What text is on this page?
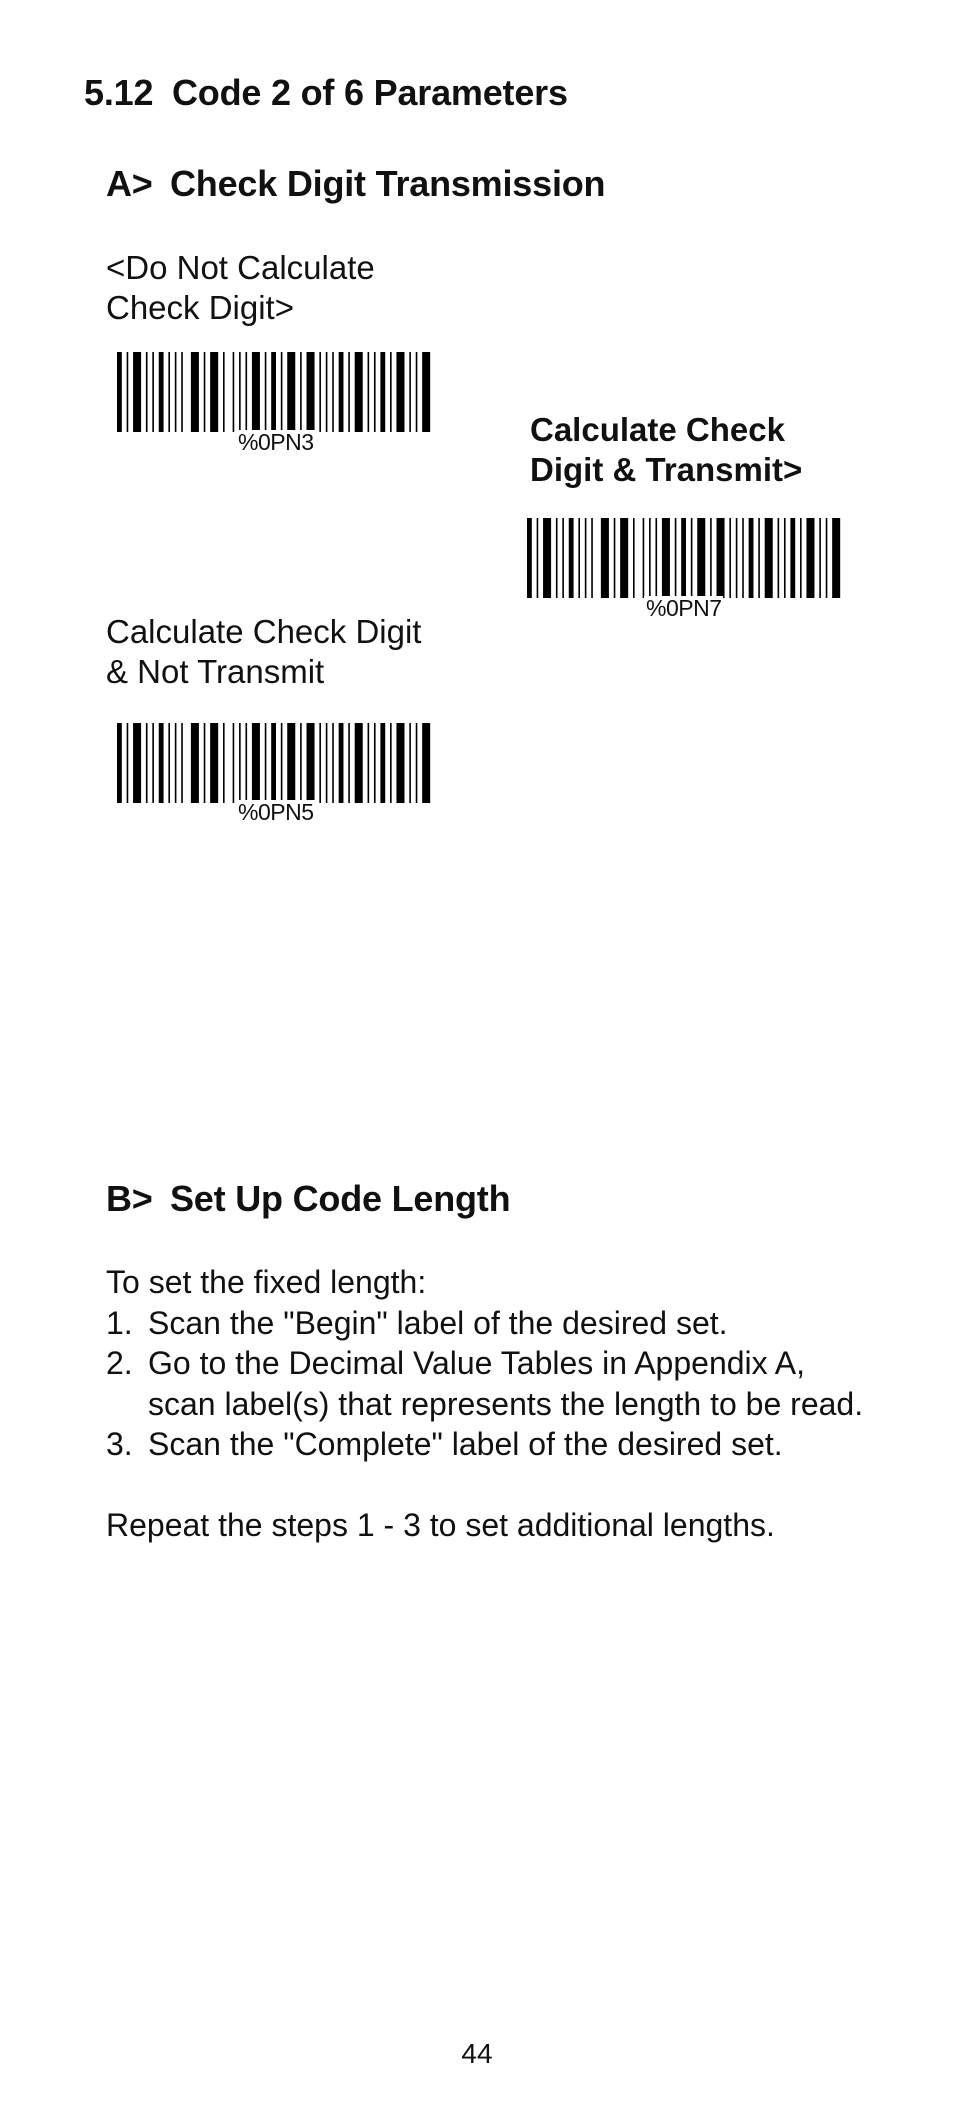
5.12 Code 2 of 6 Parameters
A> Check Digit Transmission
<Do Not Calculate
Check Digit>
%0PN3	Calculate Check
Digit & Transmit>
%0PN7
Calculate Check Digit
& Not Transmit
%0PN5
B> Set Up Code Length

To set the fixed length:

1. Scan the "Begin" label of the desired set.
2. Go to the Decimal Value Tables in Appendix A, scan label(s) that represents the length to be read.
3. Scan the "Complete" label of the desired set.

Repeat the steps 1 - 3 to set additional lengths.

44
